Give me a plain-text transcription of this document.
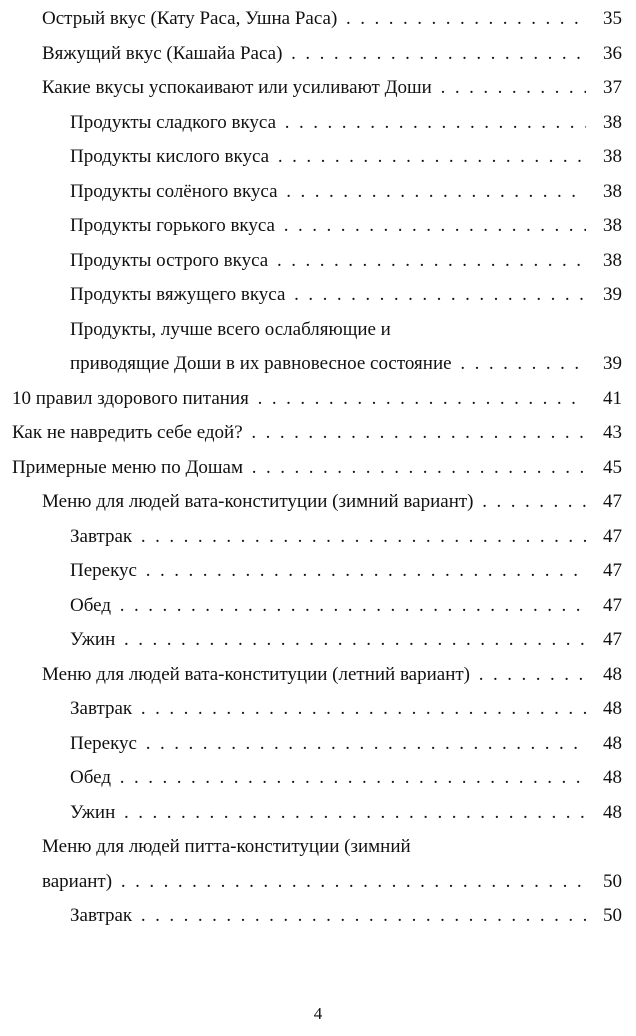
Острый вкус (Кату Раса, Ушна Раса) . .	35
Вяжущий вкус (Кашайа Раса) . .	36
Какие вкусы успокаивают или усиливают Доши . .	37
Продукты сладкого вкуса . .	38
Продукты кислого вкуса . .	38
Продукты солёного вкуса . .	38
Продукты горького вкуса . .	38
Продукты острого вкуса . .	38
Продукты вяжущего вкуса . .	39
Продукты, лучше всего ослабляющие и
приводящие Доши в их равновесное состояние . .	39
10 правил здорового питания . .	41
Как не навредить себе едой? . .	43
Примерные меню по Дошам . .	45
Меню для людей вата-конституции (зимний вариант) . .	47
Завтрак . .	47
Перекус . .	47
Обед . .	47
Ужин . .	47
Меню для людей вата-конституции (летний вариант) . .	48
Завтрак . .	48
Перекус . .	48
Обед . .	48
Ужин . .	48
Меню для людей питта-конституции (зимний
вариант) . .	50
Завтрак . .	50
4
